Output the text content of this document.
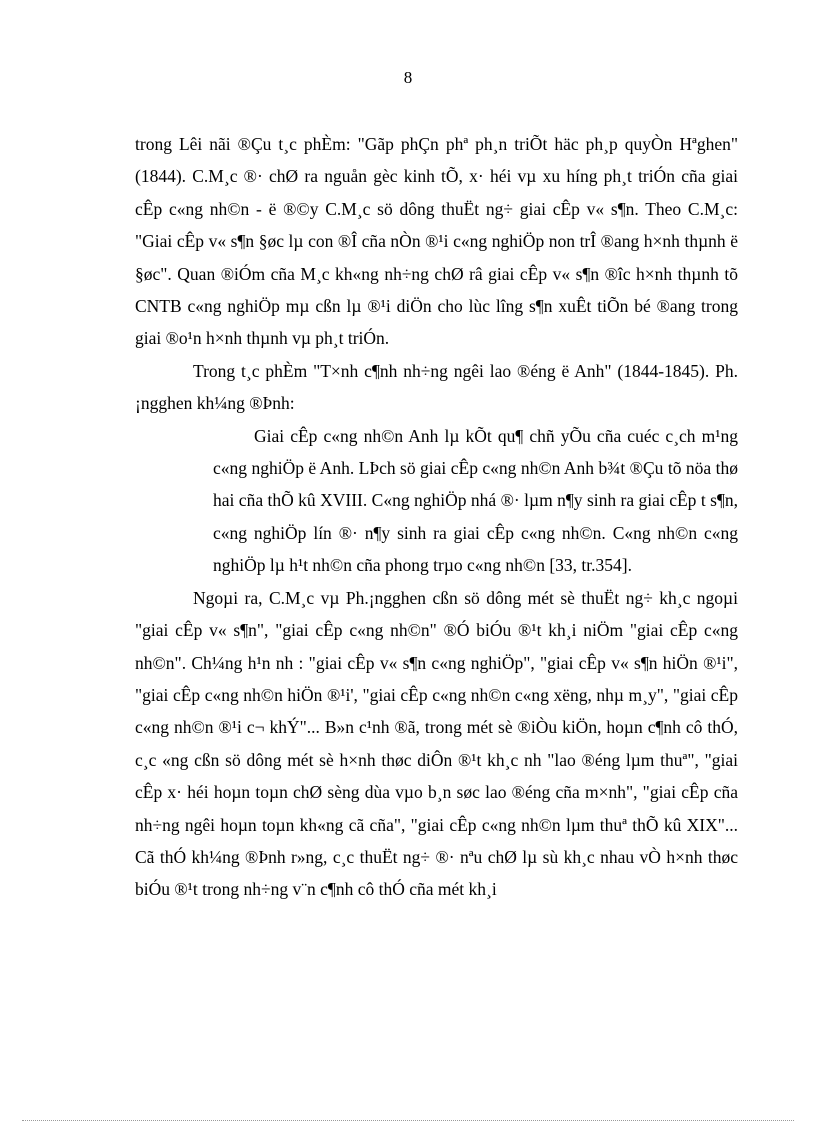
8

trong Lêi nãi ®Çu t¸c phÈm: "Gãp phÇn phª ph¸n triÕt häc ph¸p quyÒn Hªghen" (1844). C.M¸c ®· chØ ra nguån gèc kinh tÕ, x· héi vµ xu híng ph¸t triÓn cña giai cÊp c«ng nh©n - ë ®©y C.M¸c sö dông thuËt ng÷ giai cÊp v« s¶n. Theo C.M¸c: "Giai cÊp v« s¶n §øc lµ con ®Î cña nÒn ®¹i c«ng nghiÖp non trÎ ®ang h×nh thµnh ë §øc". Quan ®iÓm cña M¸c kh«ng nh÷ng chØ râ giai cÊp v« s¶n ®îc h×nh thµnh tõ CNTB c«ng nghiÖp mµ cßn lµ ®¹i diÖn cho lùc lîng s¶n xuÊt tiÕn bé ®ang trong giai ®o¹n h×nh thµnh vµ ph¸t triÓn.

Trong t¸c phÈm "T×nh c¶nh nh÷ng ngêi lao ®éng ë Anh" (1844-1845). Ph.¡ngghen kh¼ng ®Þnh:

Giai cÊp c«ng nh©n Anh lµ kÕt qu¶ chñ yÕu cña cuéc c¸ch m¹ng c«ng nghiÖp ë Anh. LÞch sö giai cÊp c«ng nh©n Anh b¾t ®Çu tõ nöa thø hai cña thÕ kû XVIII. C«ng nghiÖp nhá ®· lµm n¶y sinh ra giai cÊp t s¶n, c«ng nghiÖp lín ®· n¶y sinh ra giai cÊp c«ng nh©n. C«ng nh©n c«ng nghiÖp lµ h¹t nh©n cña phong trµo c«ng nh©n [33, tr.354].

Ngoµi ra, C.M¸c vµ Ph.¡ngghen cßn sö dông mét sè thuËt ng÷ kh¸c ngoµi "giai cÊp v« s¶n", "giai cÊp c«ng nh©n" ®Ó biÓu ®¹t kh¸i niÖm "giai cÊp c«ng nh©n". Ch¼ng h¹n nh : "giai cÊp v« s¶n c«ng nghiÖp", "giai cÊp v« s¶n hiÖn ®¹i", "giai cÊp c«ng nh©n hiÖn ®¹i', "giai cÊp c«ng nh©n c«ng xëng, nhµ m¸y", "giai cÊp c«ng nh©n ®¹i c¬ khÝ"... B»n c¹nh ®ã, trong mét sè ®iÒu kiÖn, hoµn c¶nh cô thÓ, c¸c «ng cßn sö dông mét sè h×nh thøc diÔn ®¹t kh¸c nh "lao ®éng lµm thuª", "giai cÊp x· héi hoµn toµn chØ sèng dùa vµo b¸n søc lao ®éng cña m×nh", "giai cÊp cña nh÷ng ngêi hoµn toµn kh«ng cã cña", "giai cÊp c«ng nh©n lµm thuª thÕ kû XIX"... Cã thÓ kh¼ng ®Þnh r»ng, c¸c thuËt ng÷ ®· nªu chØ lµ sù kh¸c nhau vÒ h×nh thøc biÓu ®¹t trong nh÷ng v¨n c¶nh cô thÓ cña mét kh¸i
